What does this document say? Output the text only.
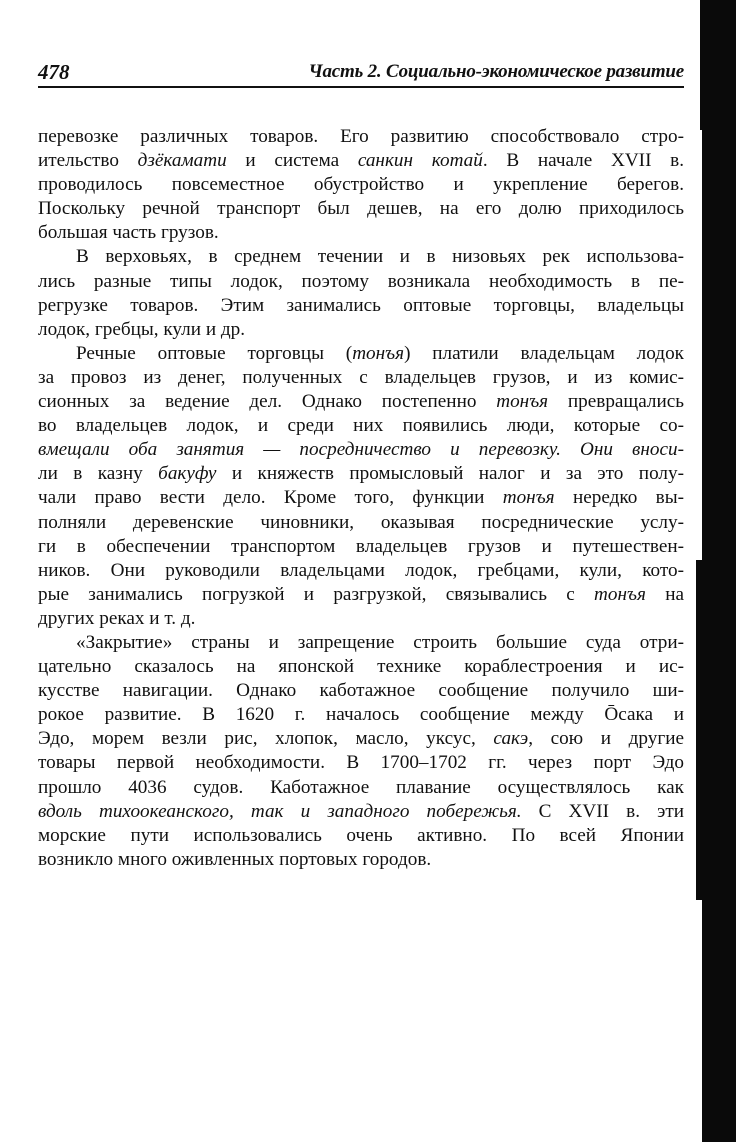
478	Часть 2. Социально-экономическое развитие
перевозке различных товаров. Его развитию способствовало стро-
ительство дзёкамати и система санкин котай. В начале XVII в.
проводилось повсеместное обустройство и укрепление берегов.
Поскольку речной транспорт был дешев, на его долю приходилось
большая часть грузов.
В верховьях, в среднем течении и в низовьях рек использова-
лись разные типы лодок, поэтому возникала необходимость в пе-
регрузке товаров. Этим занимались оптовые торговцы, владельцы
лодок, гребцы, кули и др.
Речные оптовые торговцы (тонъя) платили владельцам лодок
за провоз из денег, полученных с владельцев грузов, и из комис-
сионных за ведение дел. Однако постепенно тонъя превращались
во владельцев лодок, и среди них появились люди, которые со-
вмещали оба занятия — посредничество и перевозку. Они вноси-
ли в казну бакуфу и княжеств промысловый налог и за это полу-
чали право вести дело. Кроме того, функции тонъя нередко вы-
полняли деревенские чиновники, оказывая посреднические услу-
ги в обеспечении транспортом владельцев грузов и путешествен-
ников. Они руководили владельцами лодок, гребцами, кули, кото-
рые занимались погрузкой и разгрузкой, связывались с тонъя на
других реках и т. д.
«Закрытие» страны и запрещение строить большие суда отри-
цательно сказалось на японской технике кораблестроения и ис-
кусстве навигации. Однако каботажное сообщение получило ши-
рокое развитие. В 1620 г. началось сообщение между Ōсака и
Эдо, морем везли рис, хлопок, масло, уксус, сакэ, сою и другие
товары первой необходимости. В 1700–1702 гг. через порт Эдо
прошло 4036 судов. Каботажное плавание осуществлялось как
вдоль тихоокеанского, так и западного побережья. С XVII в. эти
морские пути использовались очень активно. По всей Японии
возникло много оживленных портовых городов.
